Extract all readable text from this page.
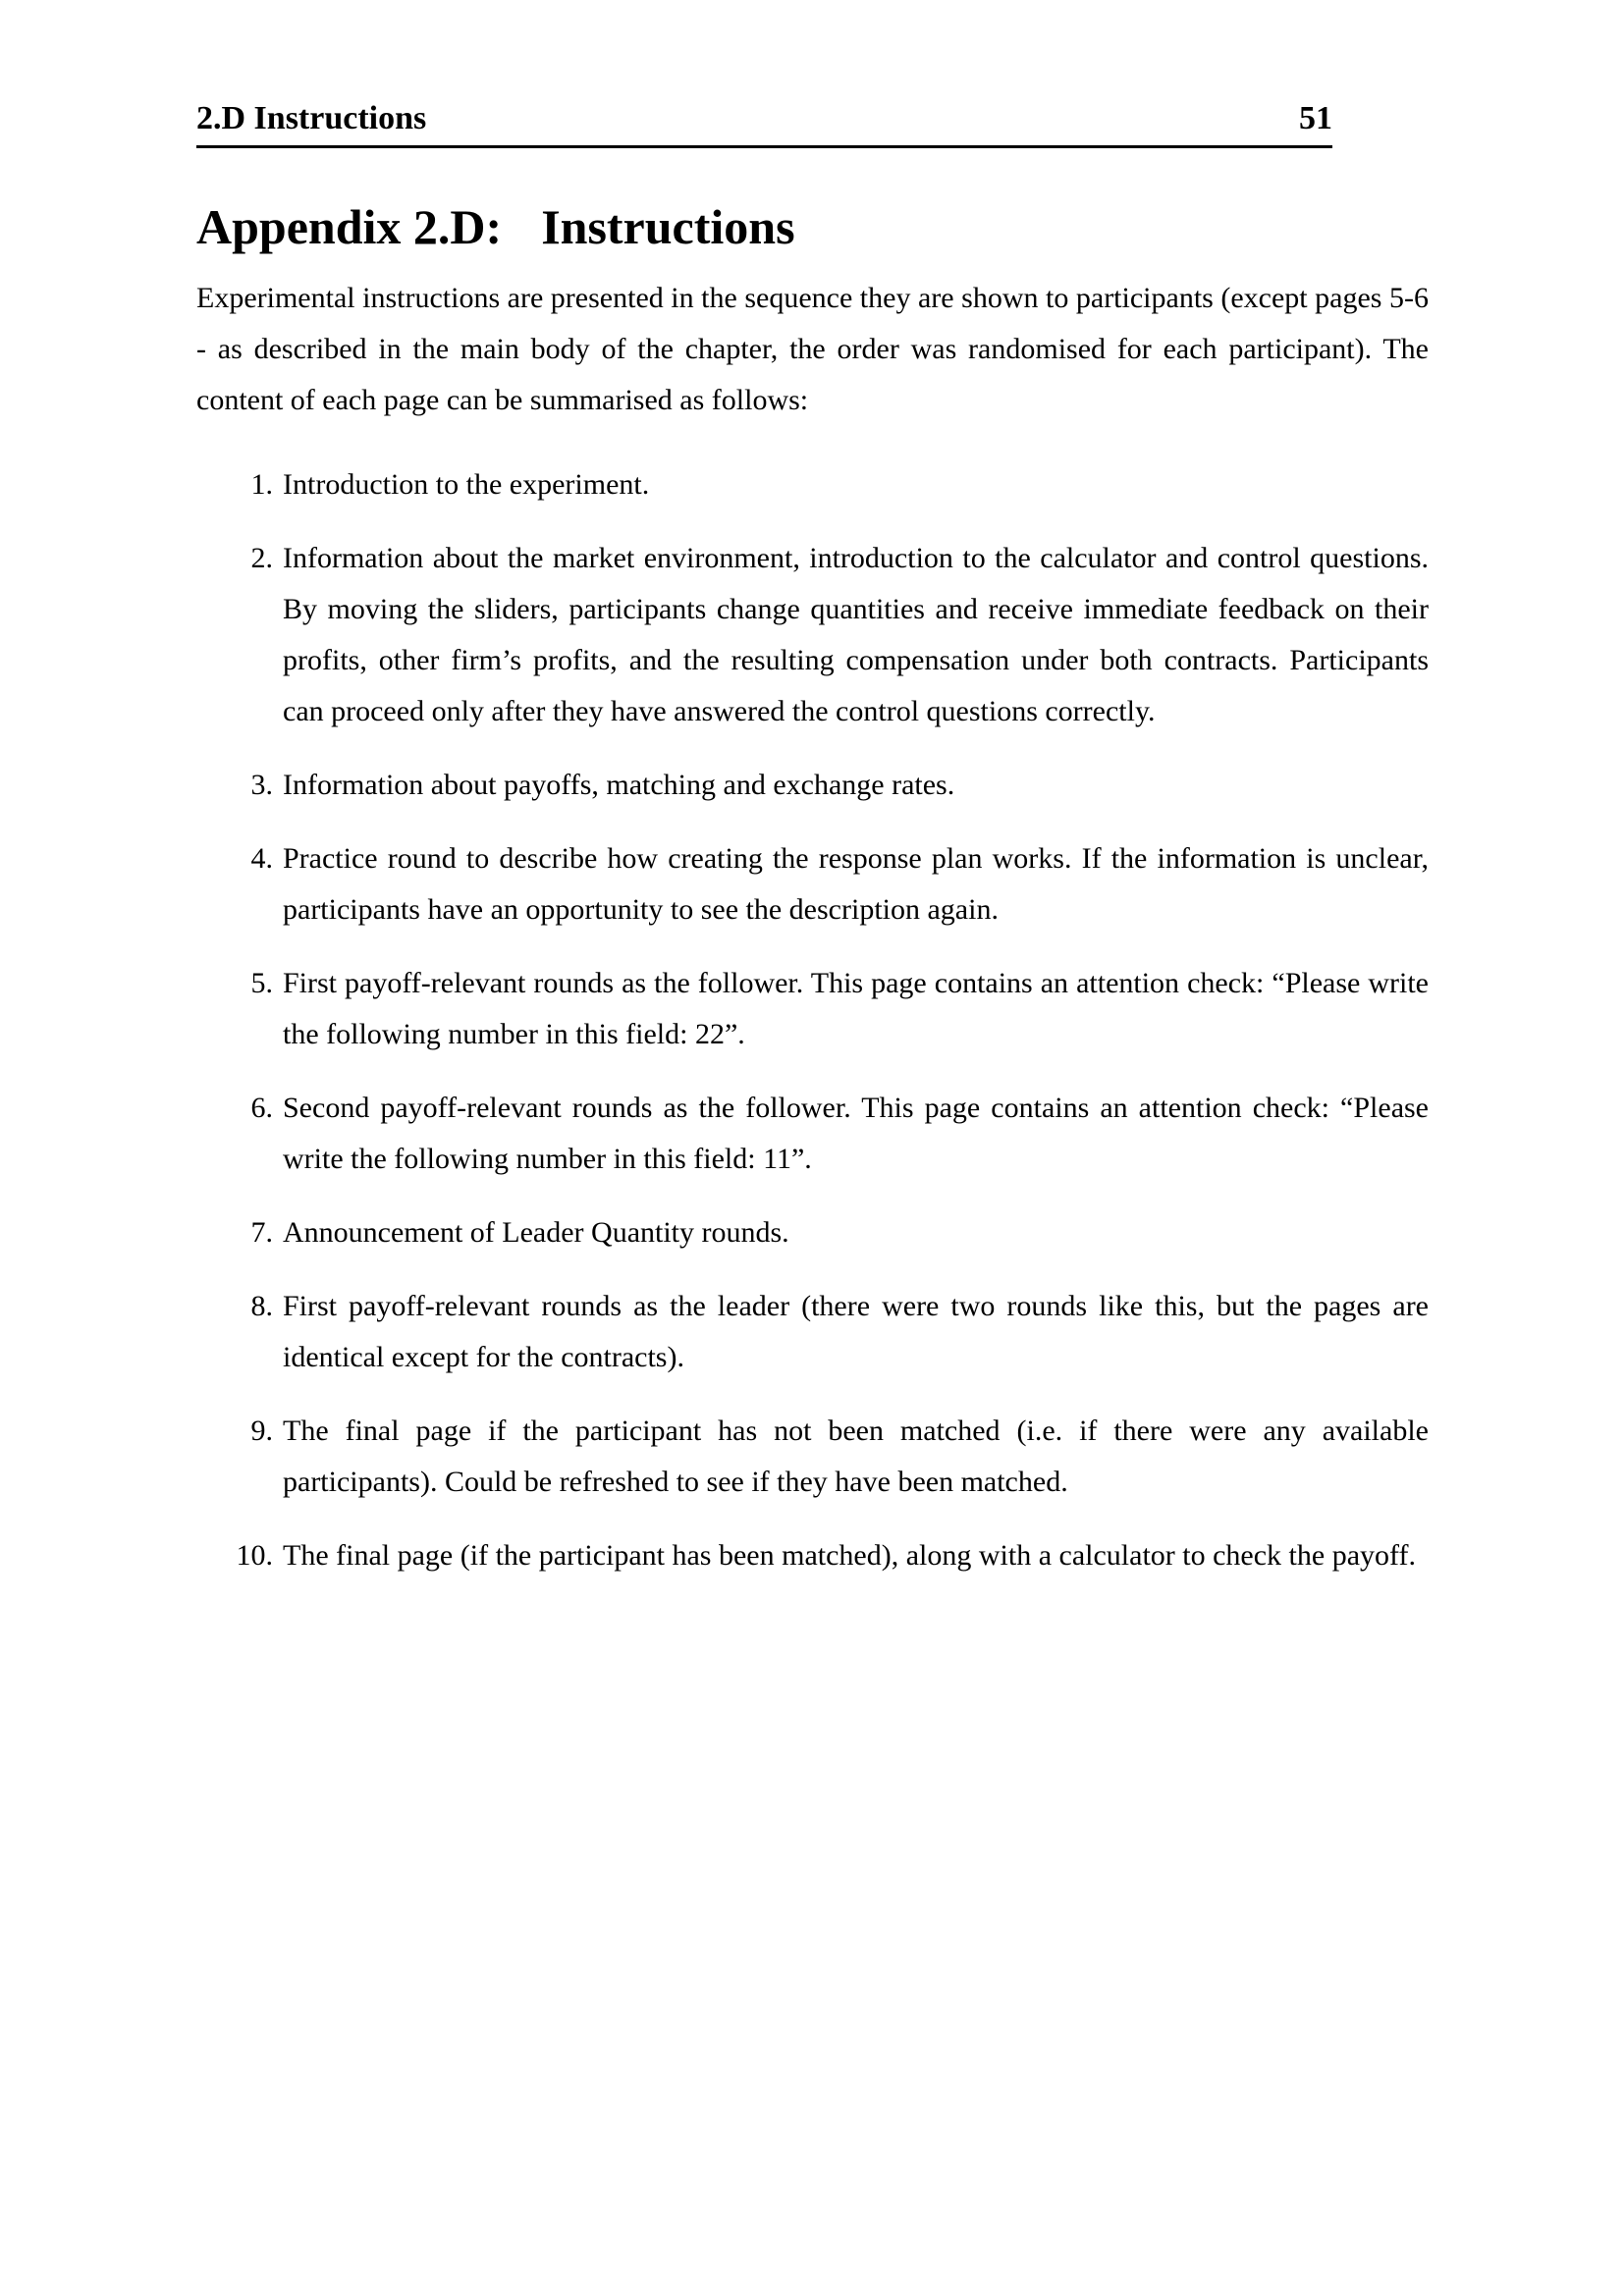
2.D Instructions	51
Appendix 2.D: Instructions

Experimental instructions are presented in the sequence they are shown to participants (except pages 5-6 - as described in the main body of the chapter, the order was randomised for each participant). The content of each page can be summarised as follows:

1. Introduction to the experiment.
2. Information about the market environment, introduction to the calculator and control questions. By moving the sliders, participants change quantities and receive immediate feedback on their profits, other firm’s profits, and the resulting compensation under both contracts. Participants can proceed only after they have answered the control questions correctly.
3. Information about payoffs, matching and exchange rates.
4. Practice round to describe how creating the response plan works. If the information is unclear, participants have an opportunity to see the description again.
5. First payoff-relevant rounds as the follower. This page contains an attention check: “Please write the following number in this field: 22”.
6. Second payoff-relevant rounds as the follower. This page contains an attention check: “Please write the following number in this field: 11”.
7. Announcement of Leader Quantity rounds.
8. First payoff-relevant rounds as the leader (there were two rounds like this, but the pages are identical except for the contracts).
9. The final page if the participant has not been matched (i.e. if there were any available participants). Could be refreshed to see if they have been matched.
10. The final page (if the participant has been matched), along with a calculator to check the payoff.
